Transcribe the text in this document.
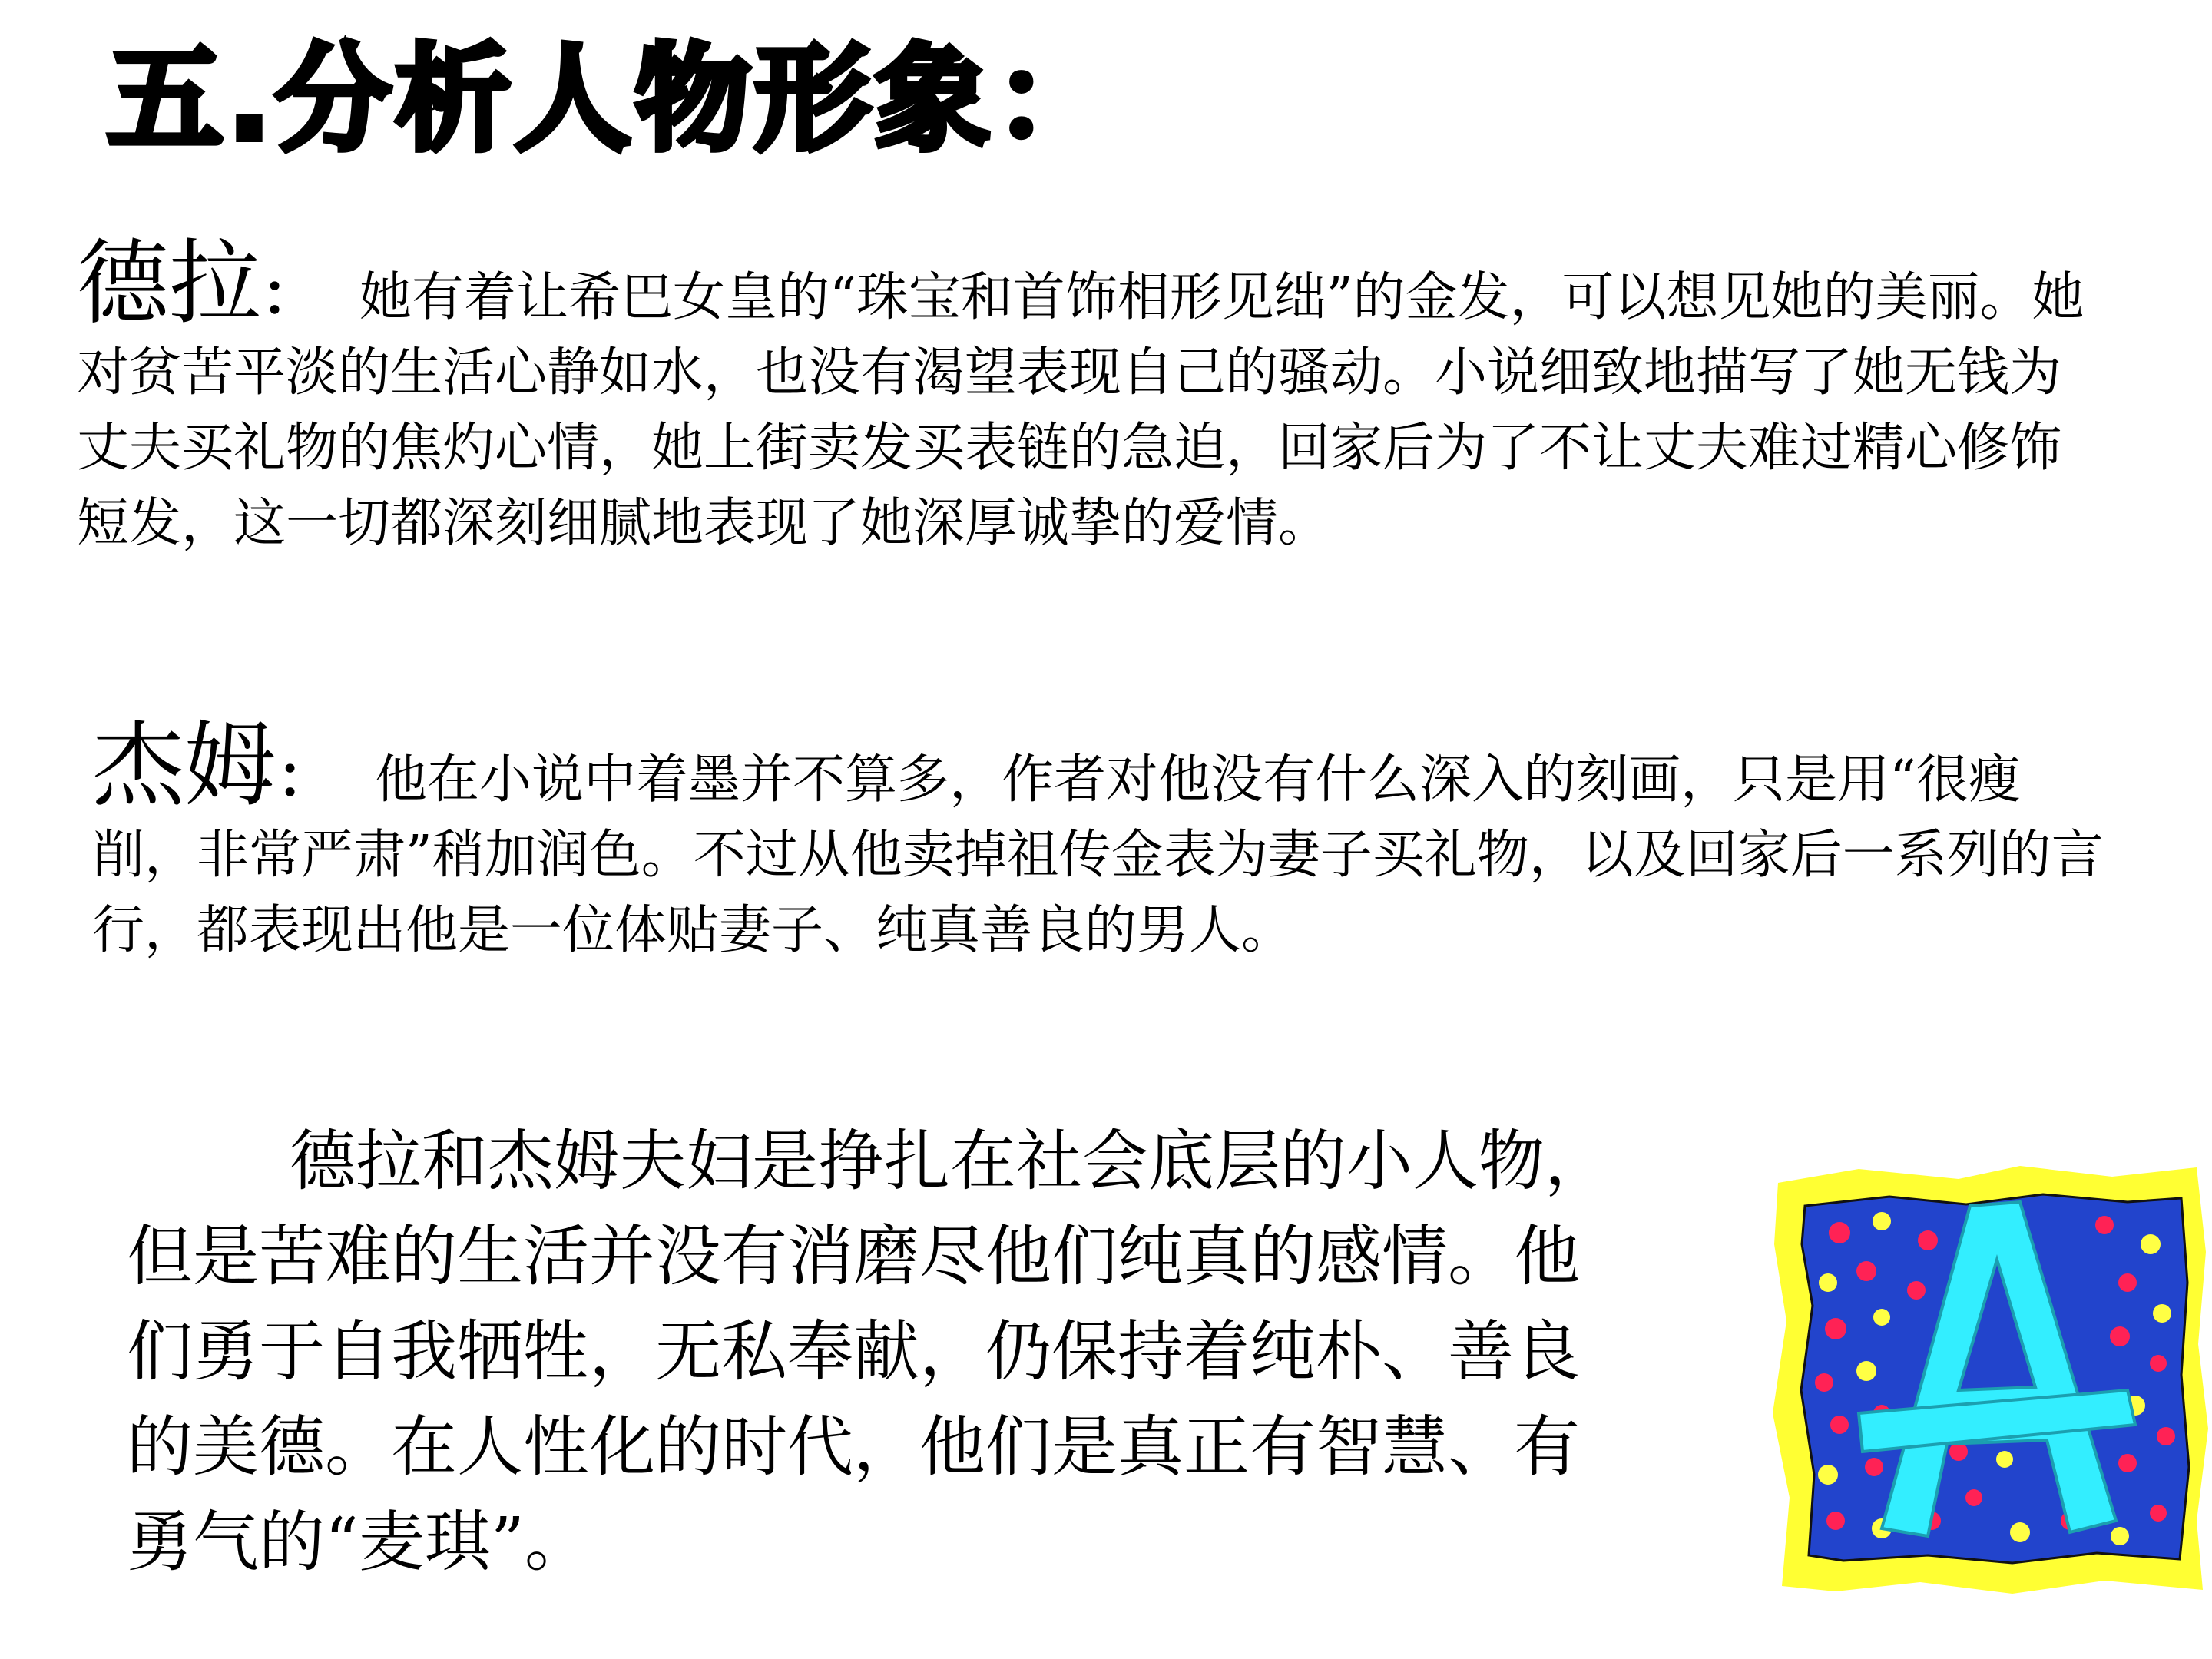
五.分析人物形象：
德拉： 她有着让希巴女皇的“珠宝和首饰相形见绌”的金发，可以想见她的美丽。她对贫苦平淡的生活心静如水，也没有渴望表现自己的骚动。小说细致地描写了她无钱为丈夫买礼物的焦灼心情，她上街卖发买表链的急迫，回家后为了不让丈夫难过精心修饰短发，这一切都深刻细腻地表现了她深厚诚挚的爱情。
杰姆： 他在小说中着墨并不算多，作者对他没有什么深入的刻画，只是用“很瘦削，非常严肃”稍加润色。不过从他卖掉祖传金表为妻子买礼物，以及回家后一系列的言行，都表现出他是一位体贴妻子、纯真善良的男人。
德拉和杰姆夫妇是挣扎在社会底层的小人物，但是苦难的生活并没有消磨尽他们纯真的感情。他们勇于自我牺牲，无私奉献，仍保持着纯朴、善良的美德。在人性化的时代，他们是真正有智慧、有勇气的“麦琪”。
